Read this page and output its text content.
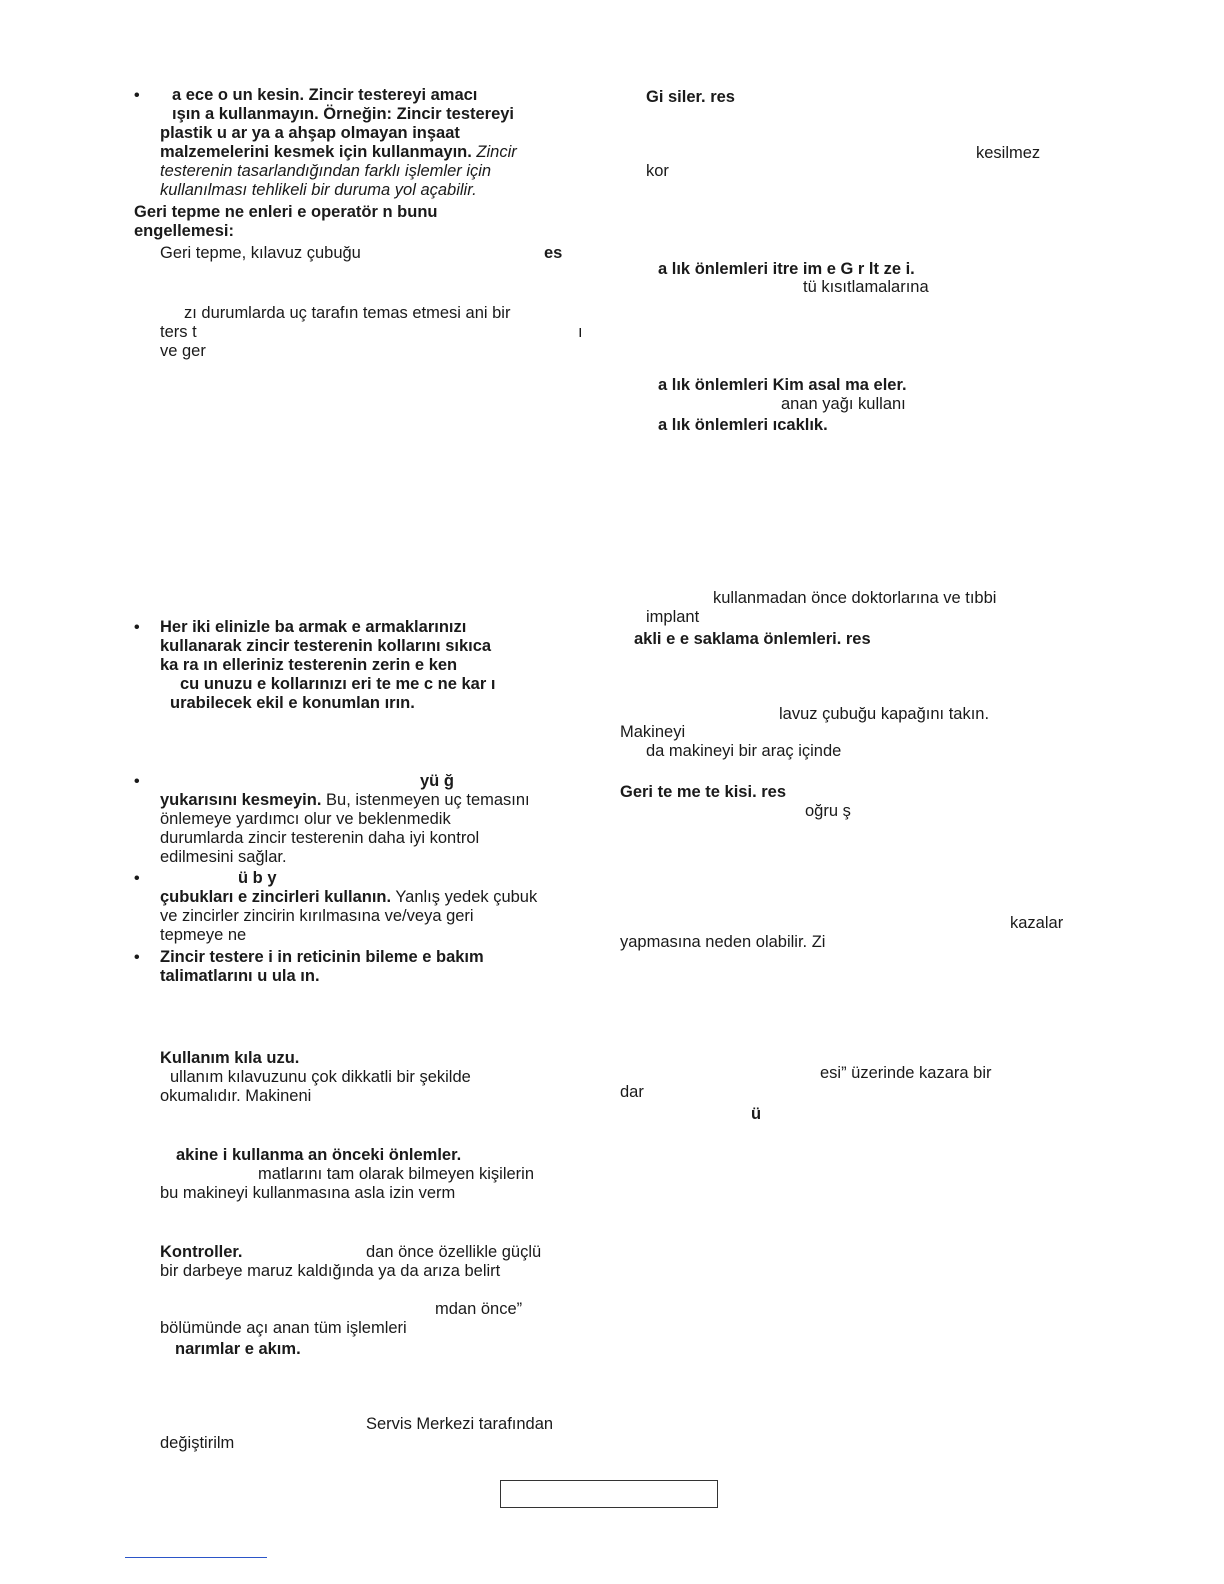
• a ece o un kesin. Zincir testereyi amacı
ışın a kullanmayın. Örneğin: Zincir testereyi
plastik u ar ya a ahşap olmayan inşaat
malzemelerini kesmek için kullanmayın. Zincir
testerenin tasarlandığından farklı işlemler için
kullanılması tehlikeli bir duruma yol açabilir.
Geri tepme ne enleri e operatör n bunu
engellemesi:
Geri tepme, kılavuz çubuğu	es
zı durumlarda uç tarafın temas etmesi ani bir
ters t	ı
ve ger
• Her iki elinizle ba armak e armaklarınızı
kullanarak zincir testerenin kollarını sıkıca
ka ra ın elleriniz testerenin zerin e ken
cu unuzu e kollarınızı eri te me c ne kar ı
urabilecek ekil e konumlan ırın.
•	yü ğ
yukarısını kesmeyin. Bu, istenmeyen uç temasını
önlemeye yardımcı olur ve beklenmedik
durumlarda zincir testerenin daha iyi kontrol
edilmesini sağlar.
•	ü b y
çubukları e zincirleri kullanın. Yanlış yedek çubuk
ve zincirler zincirin kırılmasına ve/veya geri
tepmeye ne
• Zincir testere i in reticinin bileme e bakım
talimatlarını u ula ın.
Kullanım kıla uzu.
ullanım kılavuzunu çok dikkatli bir şekilde
okumalıdır. Makineni
akine i kullanma an önceki önlemler.
matlarını tam olarak bilmeyen kişilerin
bu makineyi kullanmasına asla izin verm
Kontroller.	dan önce özellikle güçlü
bir darbeye maruz kaldığında ya da arıza belirt
mdan önce”
bölümünde açı anan tüm işlemleri
narımlar e akım.
Servis Merkezi tarafından
değiştirilm
Gi siler. res
kesilmez
kor
a lık önlemleri itre im e G r lt ze i.
tü kısıtlamalarına
a lık önlemleri Kim asal ma eler.
anan yağı kullanı
a lık önlemleri ıcaklık.
kullanmadan önce doktorlarına ve tıbbi
implant
akli e e saklama önlemleri. res
lavuz çubuğu kapağını takın.
Makineyi
da makineyi bir araç içinde
Geri te me te kisi. res
oğru ş
kazalar
yapmasına neden olabilir. Zi
esi” üzerinde kazara bir
dar
ü
